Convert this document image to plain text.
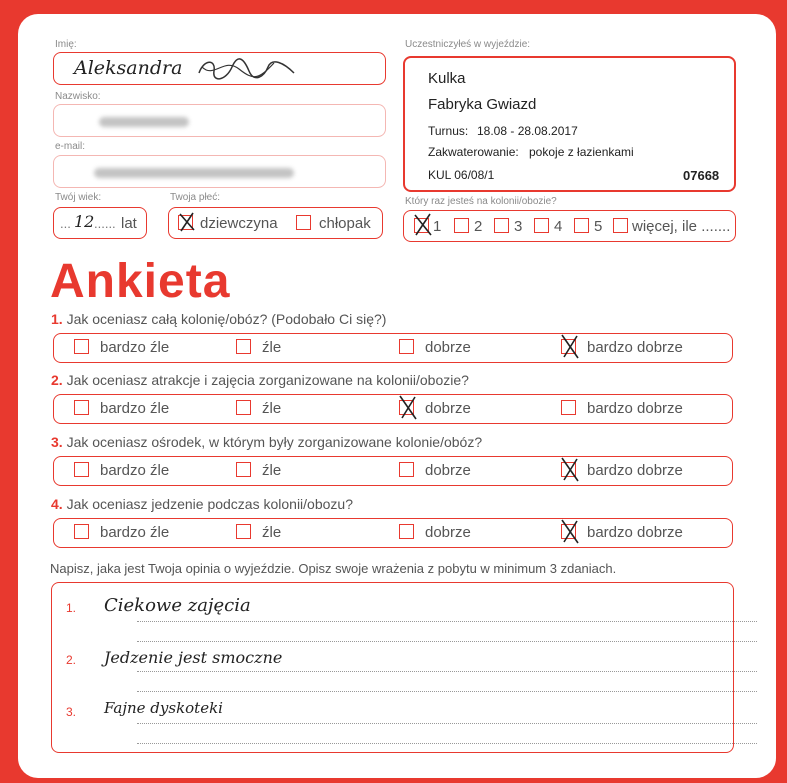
Imię:
Aleksandra
Nazwisko:
e-mail:
Twój wiek:
... 12 ...... lat
Twoja płeć:
dziewczyna	chłopak
Uczestniczyłeś w wyjeździe:
Kulka
Fabryka Gwiazd
Turnus: 18.08 - 28.08.2017
Zakwaterowanie: pokoje z łazienkami
KUL 06/08/1	07668
Który raz jesteś na kolonii/obozie?
1 2 3 4 5 więcej, ile .......
Ankieta
1. Jak oceniasz całą kolonię/obóz? (Podobało Ci się?)
bardzo źle	źle	dobrze	bardzo dobrze
2. Jak oceniasz atrakcje i zajęcia zorganizowane na kolonii/obozie?
bardzo źle	źle	dobrze	bardzo dobrze
3. Jak oceniasz ośrodek, w którym były zorganizowane kolonie/obóz?
bardzo źle	źle	dobrze	bardzo dobrze
4. Jak oceniasz jedzenie podczas kolonii/obozu?
bardzo źle	źle	dobrze	bardzo dobrze
Napisz, jaka jest Twoja opinia o wyjeździe. Opisz swoje wrażenia z pobytu w minimum 3 zdaniach.
1. Ciekowe zajęcia
2. Jedzenie jest smoczne
3. Fajne dyskoteki
